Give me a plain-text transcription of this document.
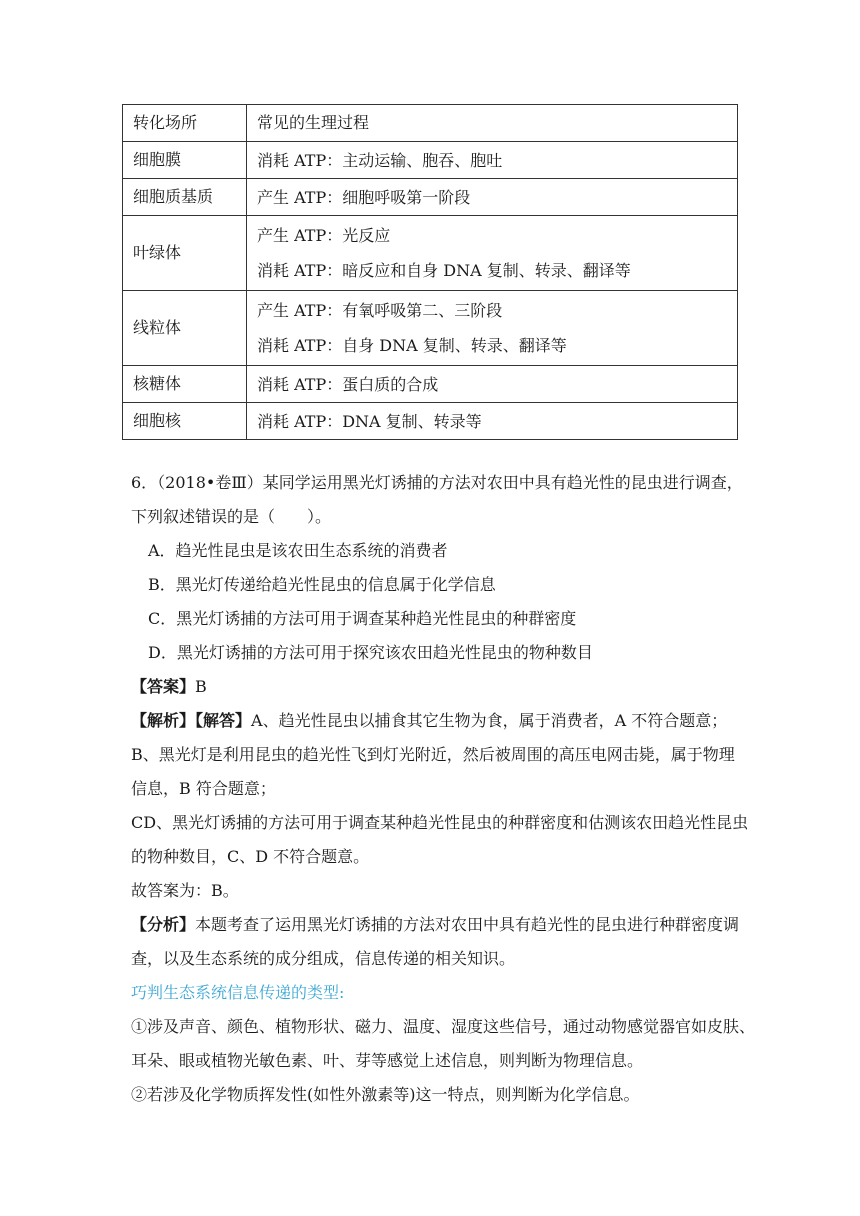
转化场所	常见的生理过程
细胞膜	消耗 ATP：主动运输、胞吞、胞吐

细胞质基质	产生 ATP：细胞呼吸第一阶段

叶绿体	产生 ATP：光反应
消耗 ATP：暗反应和自身 DNA 复制、转录、翻译等

线粒体	产生 ATP：有氧呼吸第二、三阶段
消耗 ATP：自身 DNA 复制、转录、翻译等

核糖体	消耗 ATP：蛋白质的合成

细胞核	消耗 ATP：DNA 复制、转录等
6．（2018•卷Ⅲ）某同学运用黑光灯诱捕的方法对农田中具有趋光性的昆虫进行调查，
下列叙述错误的是（　　）。
A．趋光性昆虫是该农田生态系统的消费者
B．黑光灯传递给趋光性昆虫的信息属于化学信息
C．黑光灯诱捕的方法可用于调查某种趋光性昆虫的种群密度
D．黑光灯诱捕的方法可用于探究该农田趋光性昆虫的物种数目
【答案】B
【解析】【解答】A、趋光性昆虫以捕食其它生物为食，属于消费者，A 不符合题意；
B、黑光灯是利用昆虫的趋光性飞到灯光附近，然后被周围的高压电网击毙，属于物理
信息，B 符合题意；
CD、黑光灯诱捕的方法可用于调查某种趋光性昆虫的种群密度和估测该农田趋光性昆虫
的物种数目，C、D 不符合题意。
故答案为：B。
【分析】本题考查了运用黑光灯诱捕的方法对农田中具有趋光性的昆虫进行种群密度调
查，以及生态系统的成分组成，信息传递的相关知识。
巧判生态系统信息传递的类型:
①涉及声音、颜色、植物形状、磁力、温度、湿度这些信号，通过动物感觉器官如皮肤、
耳朵、眼或植物光敏色素、叶、芽等感觉上述信息，则判断为物理信息。
②若涉及化学物质挥发性(如性外激素等)这一特点，则判断为化学信息。
